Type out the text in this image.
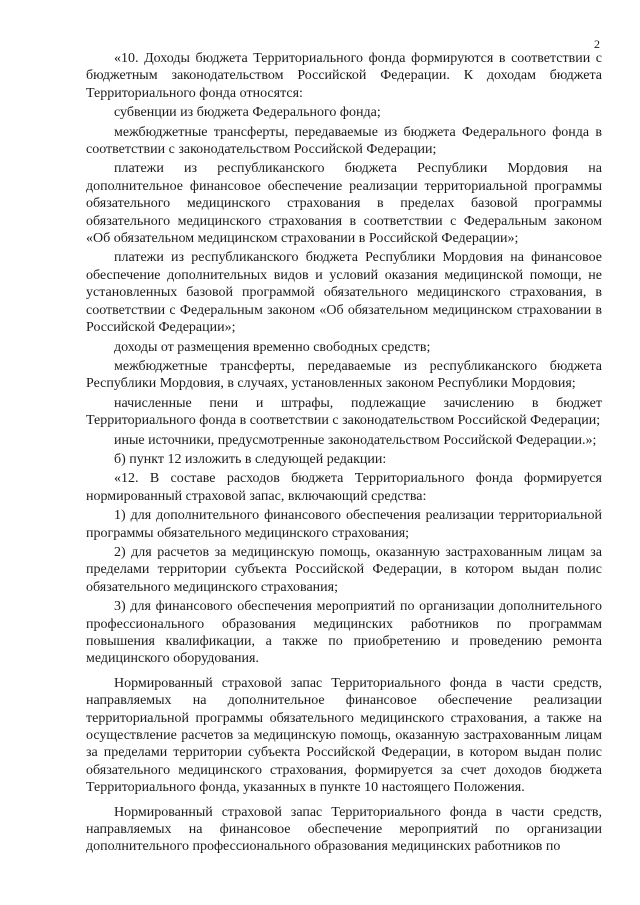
2

«10. Доходы бюджета Территориального фонда формируются в соответствии с бюджетным законодательством Российской Федерации. К доходам бюджета Территориального фонда относятся:

субвенции из бюджета Федерального фонда;

межбюджетные трансферты, передаваемые из бюджета Федерального фонда в соответствии с законодательством Российской Федерации;

платежи из республиканского бюджета Республики Мордовия на дополнительное финансовое обеспечение реализации территориальной программы обязательного медицинского страхования в пределах базовой программы обязательного медицинского страхования в соответствии с Федеральным законом «Об обязательном медицинском страховании в Российской Федерации»;

платежи из республиканского бюджета Республики Мордовия на финансовое обеспечение дополнительных видов и условий оказания медицинской помощи, не установленных базовой программой обязательного медицинского страхования, в соответствии с Федеральным законом «Об обязательном медицинском страховании в Российской Федерации»;

доходы от размещения временно свободных средств;

межбюджетные трансферты, передаваемые из республиканского бюджета Республики Мордовия, в случаях, установленных законом Республики Мордовия;

начисленные пени и штрафы, подлежащие зачислению в бюджет Территориального фонда в соответствии с законодательством Российской Федерации;

иные источники, предусмотренные законодательством Российской Федерации.»;

б) пункт 12 изложить в следующей редакции:

«12. В составе расходов бюджета Территориального фонда формируется нормированный страховой запас, включающий средства:

1) для дополнительного финансового обеспечения реализации территориальной программы обязательного медицинского страхования;

2) для расчетов за медицинскую помощь, оказанную застрахованным лицам за пределами территории субъекта Российской Федерации, в котором выдан полис обязательного медицинского страхования;

3) для финансового обеспечения мероприятий по организации дополнительного профессионального образования медицинских работников по программам повышения квалификации, а также по приобретению и проведению ремонта медицинского оборудования.

Нормированный страховой запас Территориального фонда в части средств, направляемых на дополнительное финансовое обеспечение реализации территориальной программы обязательного медицинского страхования, а также на осуществление расчетов за медицинскую помощь, оказанную застрахованным лицам за пределами территории субъекта Российской Федерации, в котором выдан полис обязательного медицинского страхования, формируется за счет доходов бюджета Территориального фонда, указанных в пункте 10 настоящего Положения.

Нормированный страховой запас Территориального фонда в части средств, направляемых на финансовое обеспечение мероприятий по организации дополнительного профессионального образования медицинских работников по
